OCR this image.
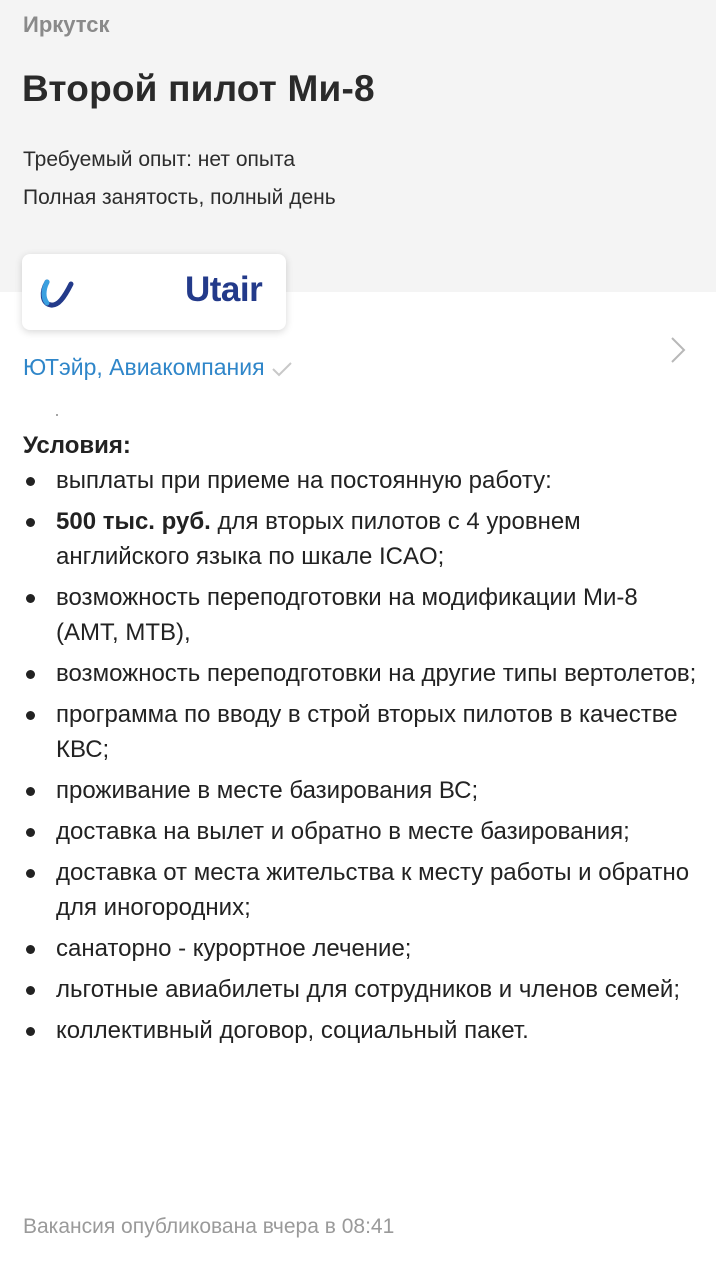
Иркутск
Второй пилот Ми-8
Требуемый опыт: нет опыта
Полная занятость, полный день
Utair
ЮТэйр, Авиакомпания

Условия:

выплаты при приеме на постоянную работу:
500 тыс. руб. для вторых пилотов с 4 уровнем английского языка по шкале ICAO;
возможность переподготовки на модификации Ми-8 (АМТ, МТВ),
возможность переподготовки на другие типы вертолетов;
программа по вводу в строй вторых пилотов в качестве КВС;
проживание в месте базирования ВС;
доставка на вылет и обратно в месте базирования;
доставка от места жительства к месту работы и обратно для иногородних;
санаторно - курортное лечение;
льготные авиабилеты для сотрудников и членов семей;
коллективный договор, социальный пакет.
Вакансия опубликована вчера в 08:41
